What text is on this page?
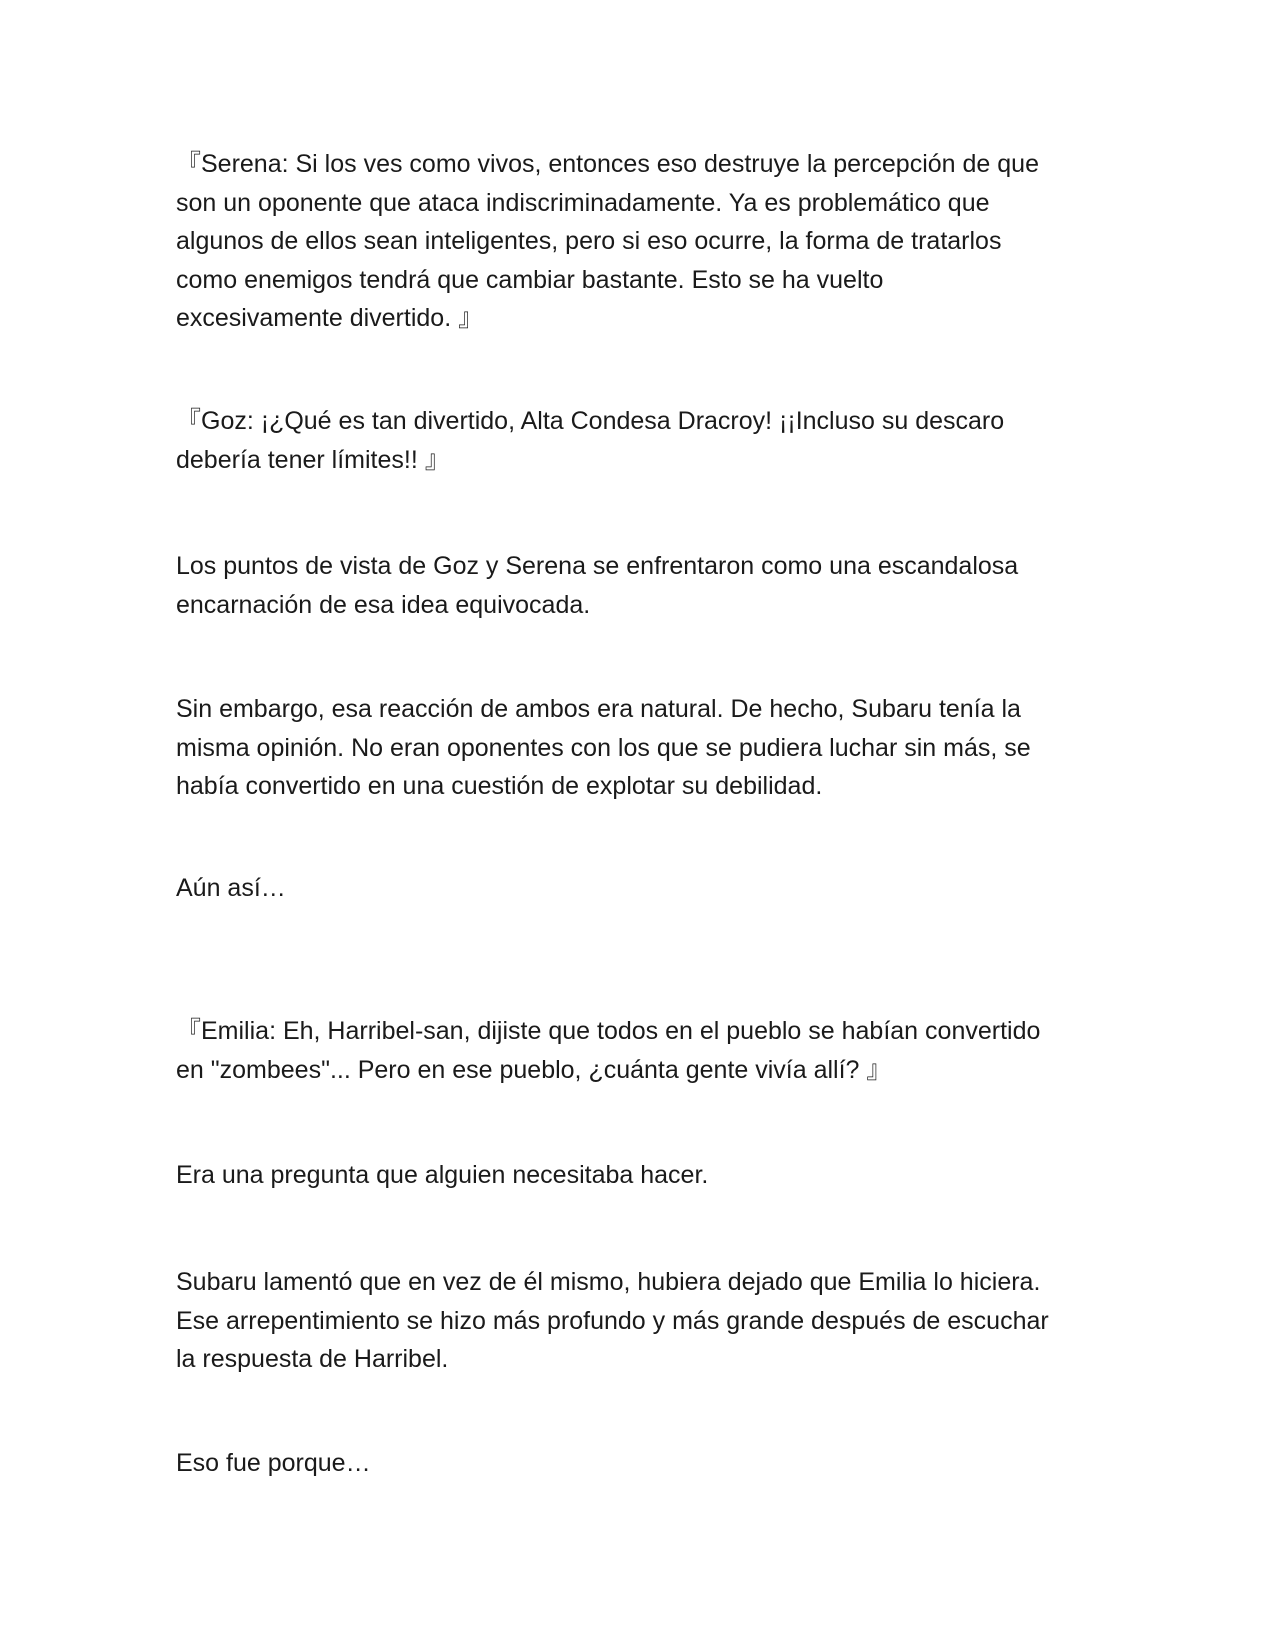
『Serena: Si los ves como vivos, entonces eso destruye la percepción de que
son un oponente que ataca indiscriminadamente. Ya es problemático que
algunos de ellos sean inteligentes, pero si eso ocurre, la forma de tratarlos
como enemigos tendrá que cambiar bastante. Esto se ha vuelto
excesivamente divertido. 』

『Goz: ¡¿Qué es tan divertido, Alta Condesa Dracroy! ¡¡Incluso su descaro
debería tener límites!! 』

Los puntos de vista de Goz y Serena se enfrentaron como una escandalosa
encarnación de esa idea equivocada.

Sin embargo, esa reacción de ambos era natural. De hecho, Subaru tenía la
misma opinión. No eran oponentes con los que se pudiera luchar sin más, se
había convertido en una cuestión de explotar su debilidad.

Aún así…

『Emilia: Eh, Harribel-san, dijiste que todos en el pueblo se habían convertido
en "zombees"... Pero en ese pueblo, ¿cuánta gente vivía allí? 』

Era una pregunta que alguien necesitaba hacer.

Subaru lamentó que en vez de él mismo, hubiera dejado que Emilia lo hiciera.
Ese arrepentimiento se hizo más profundo y más grande después de escuchar
la respuesta de Harribel.

Eso fue porque…
